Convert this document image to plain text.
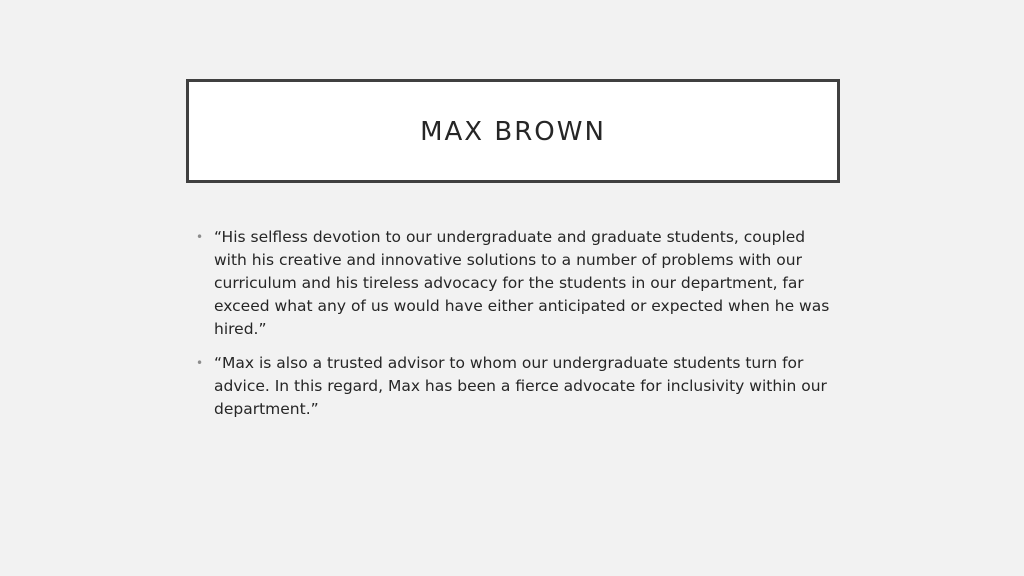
MAX BROWN
• “His selfless devotion to our undergraduate and graduate students, coupled with his creative and innovative solutions to a number of problems with our curriculum and his tireless advocacy for the students in our department, far exceed what any of us would have either anticipated or expected when he was hired.”
• “Max is also a trusted advisor to whom our undergraduate students turn for advice. In this regard, Max has been a fierce advocate for inclusivity within our department.”
